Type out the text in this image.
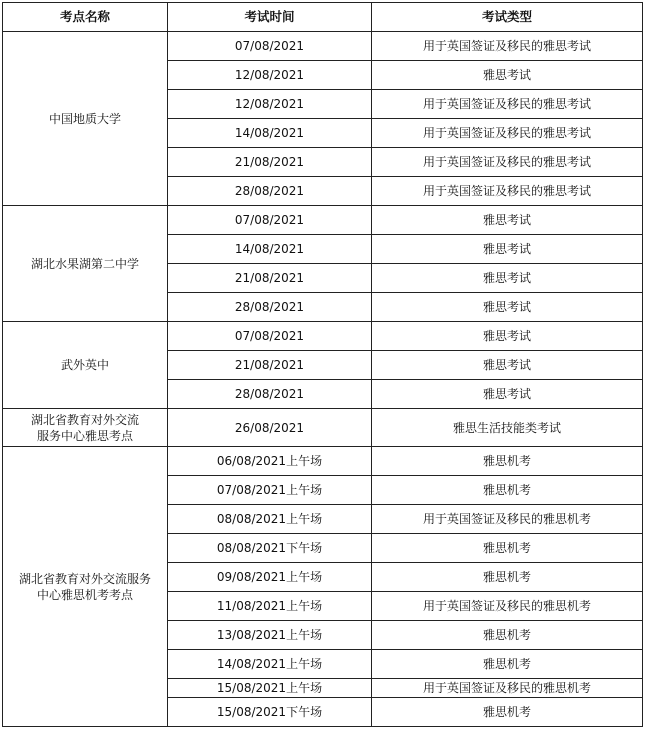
考点名称	考试时间	考试类型
中国地质大学	07/08/2021	用于英国签证及移民的雅思考试
	12/08/2021	雅思考试
	12/08/2021	用于英国签证及移民的雅思考试
	14/08/2021	用于英国签证及移民的雅思考试
	21/08/2021	用于英国签证及移民的雅思考试
	28/08/2021	用于英国签证及移民的雅思考试
湖北水果湖第二中学	07/08/2021	雅思考试
	14/08/2021	雅思考试
	21/08/2021	雅思考试
	28/08/2021	雅思考试
武外英中	07/08/2021	雅思考试
	21/08/2021	雅思考试
	28/08/2021	雅思考试
湖北省教育对外交流
服务中心雅思考点	26/08/2021	雅思生活技能类考试
湖北省教育对外交流服务
中心雅思机考考点	06/08/2021上午场	雅思机考
	07/08/2021上午场	雅思机考
	08/08/2021上午场	用于英国签证及移民的雅思机考
	08/08/2021下午场	雅思机考
	09/08/2021上午场	雅思机考
	11/08/2021上午场	用于英国签证及移民的雅思机考
	13/08/2021上午场	雅思机考
	14/08/2021上午场	雅思机考
	15/08/2021上午场	用于英国签证及移民的雅思机考
	15/08/2021下午场	雅思机考
